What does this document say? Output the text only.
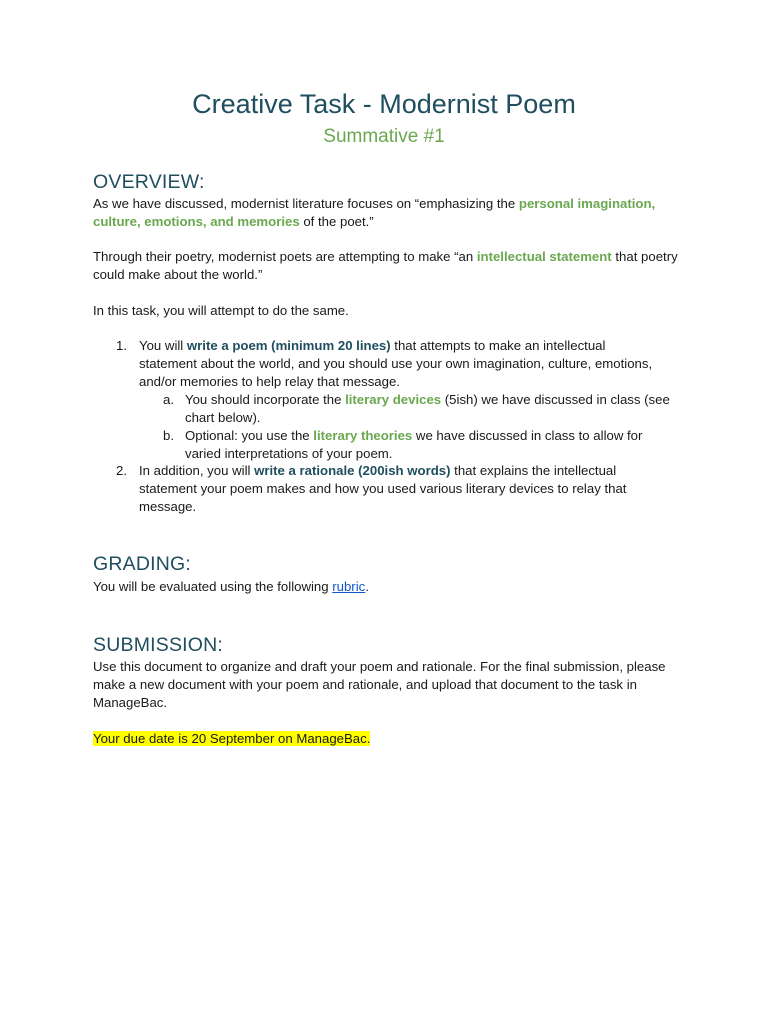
Creative Task - Modernist Poem
Summative #1
OVERVIEW:
As we have discussed, modernist literature focuses on “emphasizing the personal imagination, culture, emotions, and memories of the poet.”
Through their poetry, modernist poets are attempting to make “an intellectual statement that poetry could make about the world.”
In this task, you will attempt to do the same.
1. You will write a poem (minimum 20 lines) that attempts to make an intellectual statement about the world, and you should use your own imagination, culture, emotions, and/or memories to help relay that message.
a. You should incorporate the literary devices (5ish) we have discussed in class (see chart below).
b. Optional: you use the literary theories we have discussed in class to allow for varied interpretations of your poem.
2. In addition, you will write a rationale (200ish words) that explains the intellectual statement your poem makes and how you used various literary devices to relay that message.
GRADING:
You will be evaluated using the following rubric.
SUBMISSION:
Use this document to organize and draft your poem and rationale. For the final submission, please make a new document with your poem and rationale, and upload that document to the task in ManageBac.
Your due date is 20 September on ManageBac.
